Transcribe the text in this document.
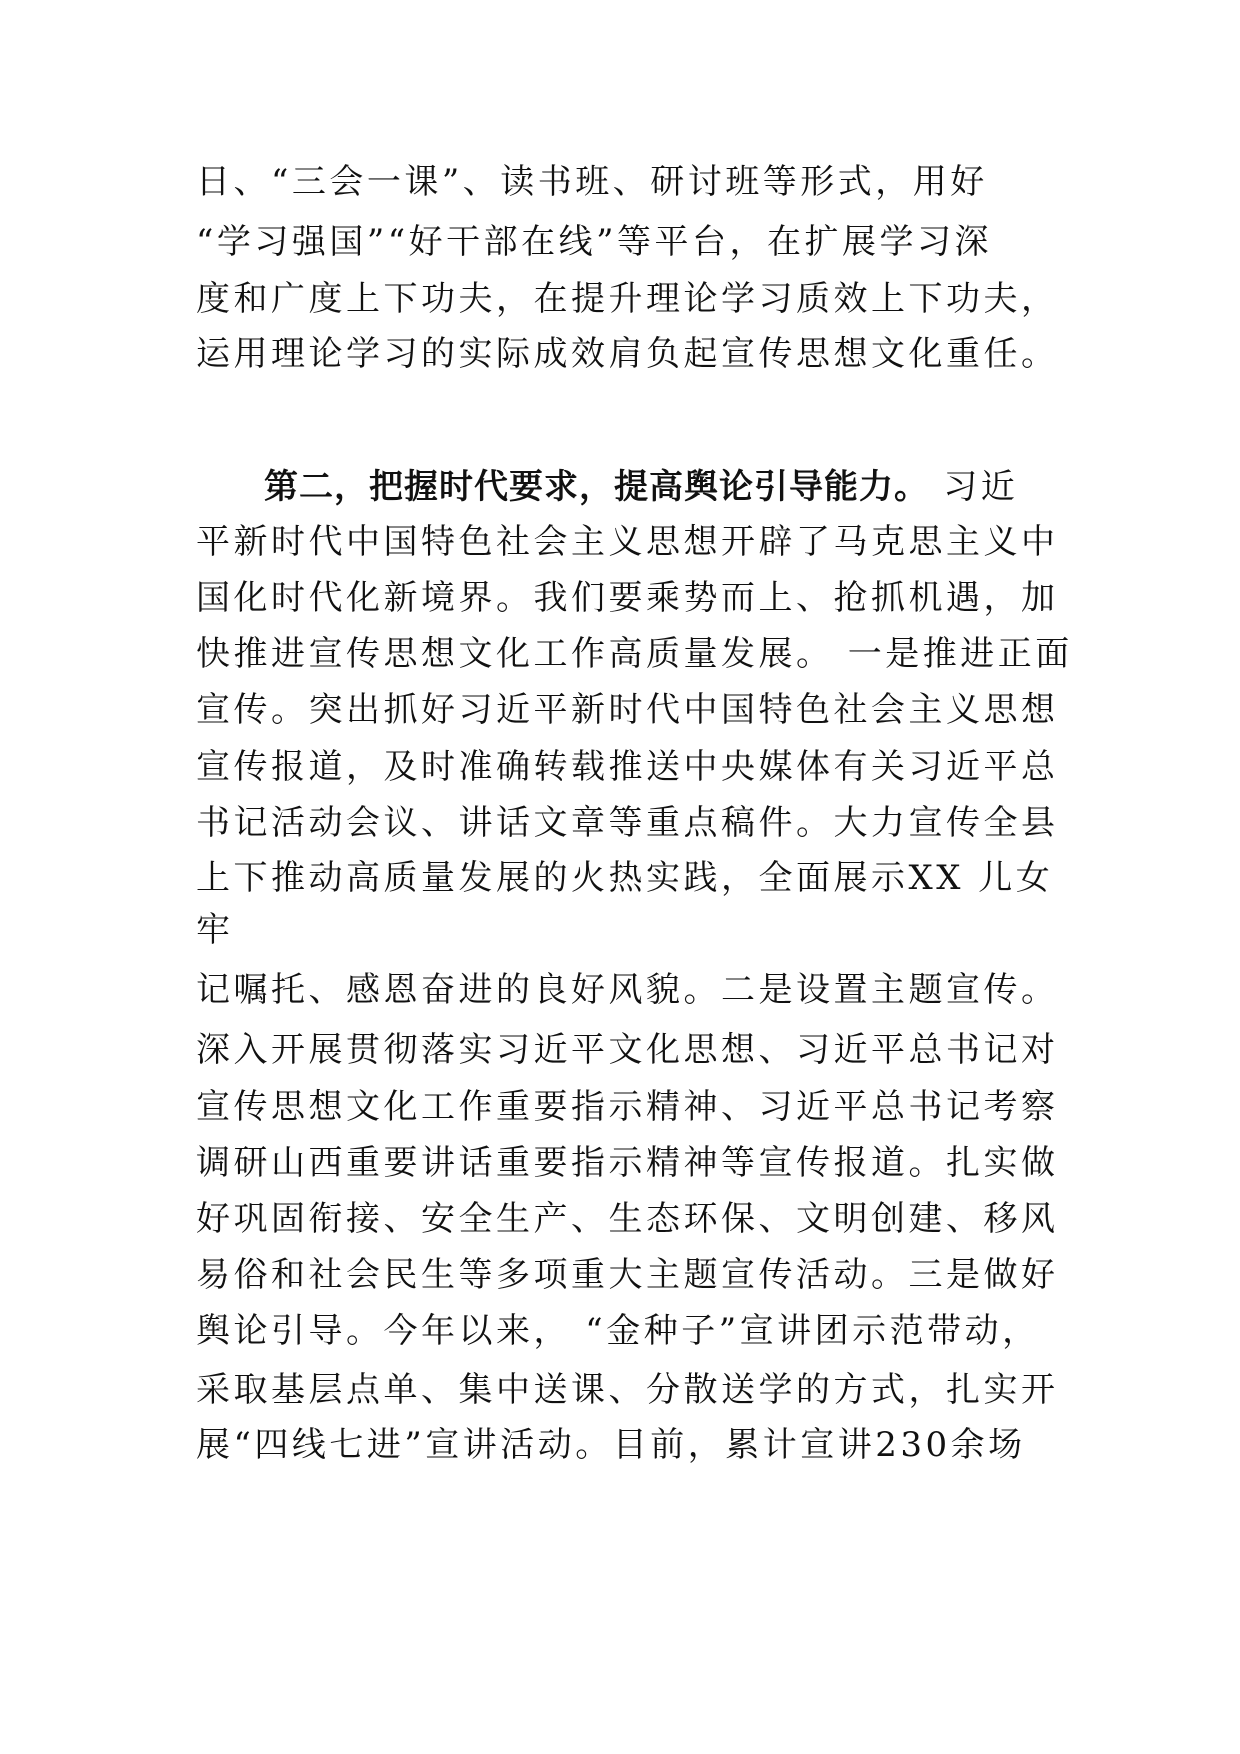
日、“三会一课”、读书班、研讨班等形式，用好
“学习强国”“好干部在线”等平台，在扩展学习深
度和广度上下功夫，在提升理论学习质效上下功夫，
运用理论学习的实际成效肩负起宣传思想文化重任。
第二，把握时代要求，提高舆论引导能力。 习近
平新时代中国特色社会主义思想开辟了马克思主义中
国化时代化新境界。我们要乘势而上、抢抓机遇，加
快推进宣传思想文化工作高质量发展。 一是推进正面
宣传。突出抓好习近平新时代中国特色社会主义思想
宣传报道，及时准确转载推送中央媒体有关习近平总
书记活动会议、讲话文章等重点稿件。大力宣传全县
上下推动高质量发展的火热实践，全面展示XX 儿女
牢
记嘱托、感恩奋进的良好风貌。二是设置主题宣传。
深入开展贯彻落实习近平文化思想、习近平总书记对
宣传思想文化工作重要指示精神、习近平总书记考察
调研山西重要讲话重要指示精神等宣传报道。扎实做
好巩固衔接、安全生产、生态环保、文明创建、移风
易俗和社会民生等多项重大主题宣传活动。三是做好
舆论引导。今年以来， “金种子”宣讲团示范带动，
采取基层点单、集中送课、分散送学的方式，扎实开
展“四线七进”宣讲活动。目前，累计宣讲230余场
